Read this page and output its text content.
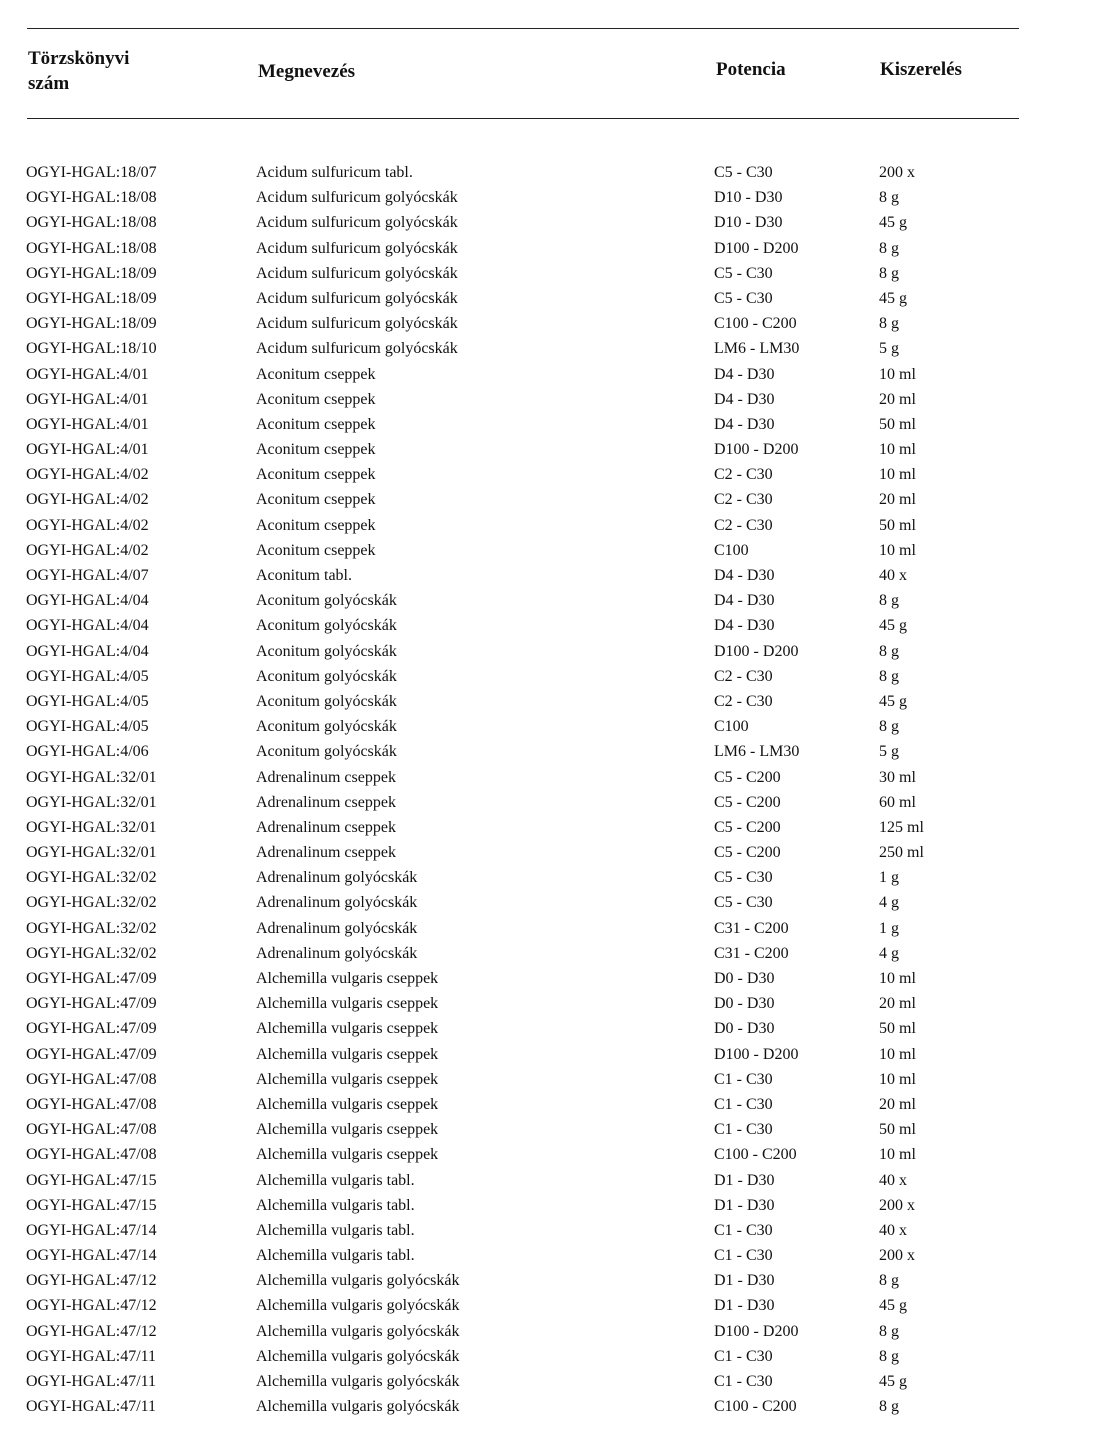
Törzskönyvi
szám
Megnevezés	Potencia	Kiszerelés
OGYI-HGAL:18/07	Acidum sulfuricum tabl.	C5 - C30	200 x
OGYI-HGAL:18/08	Acidum sulfuricum golyócskák	D10 - D30	8 g
OGYI-HGAL:18/08	Acidum sulfuricum golyócskák	D10 - D30	45 g
OGYI-HGAL:18/08	Acidum sulfuricum golyócskák	D100 - D200	8 g
OGYI-HGAL:18/09	Acidum sulfuricum golyócskák	C5 - C30	8 g
OGYI-HGAL:18/09	Acidum sulfuricum golyócskák	C5 - C30	45 g
OGYI-HGAL:18/09	Acidum sulfuricum golyócskák	C100 - C200	8 g
OGYI-HGAL:18/10	Acidum sulfuricum golyócskák	LM6 - LM30	5 g
OGYI-HGAL:4/01	Aconitum cseppek	D4 - D30	10 ml
OGYI-HGAL:4/01	Aconitum cseppek	D4 - D30	20 ml
OGYI-HGAL:4/01	Aconitum cseppek	D4 - D30	50 ml
OGYI-HGAL:4/01	Aconitum cseppek	D100 - D200	10 ml
OGYI-HGAL:4/02	Aconitum cseppek	C2 - C30	10 ml
OGYI-HGAL:4/02	Aconitum cseppek	C2 - C30	20 ml
OGYI-HGAL:4/02	Aconitum cseppek	C2 - C30	50 ml
OGYI-HGAL:4/02	Aconitum cseppek	C100	10 ml
OGYI-HGAL:4/07	Aconitum tabl.	D4 - D30	40 x
OGYI-HGAL:4/04	Aconitum golyócskák	D4 - D30	8 g
OGYI-HGAL:4/04	Aconitum golyócskák	D4 - D30	45 g
OGYI-HGAL:4/04	Aconitum golyócskák	D100 - D200	8 g
OGYI-HGAL:4/05	Aconitum golyócskák	C2 - C30	8 g
OGYI-HGAL:4/05	Aconitum golyócskák	C2 - C30	45 g
OGYI-HGAL:4/05	Aconitum golyócskák	C100	8 g
OGYI-HGAL:4/06	Aconitum golyócskák	LM6 - LM30	5 g
OGYI-HGAL:32/01	Adrenalinum cseppek	C5 - C200	30 ml
OGYI-HGAL:32/01	Adrenalinum cseppek	C5 - C200	60 ml
OGYI-HGAL:32/01	Adrenalinum cseppek	C5 - C200	125 ml
OGYI-HGAL:32/01	Adrenalinum cseppek	C5 - C200	250 ml
OGYI-HGAL:32/02	Adrenalinum golyócskák	C5 - C30	1 g
OGYI-HGAL:32/02	Adrenalinum golyócskák	C5 - C30	4 g
OGYI-HGAL:32/02	Adrenalinum golyócskák	C31 - C200	1 g
OGYI-HGAL:32/02	Adrenalinum golyócskák	C31 - C200	4 g
OGYI-HGAL:47/09	Alchemilla vulgaris cseppek	D0 - D30	10 ml
OGYI-HGAL:47/09	Alchemilla vulgaris cseppek	D0 - D30	20 ml
OGYI-HGAL:47/09	Alchemilla vulgaris cseppek	D0 - D30	50 ml
OGYI-HGAL:47/09	Alchemilla vulgaris cseppek	D100 - D200	10 ml
OGYI-HGAL:47/08	Alchemilla vulgaris cseppek	C1 - C30	10 ml
OGYI-HGAL:47/08	Alchemilla vulgaris cseppek	C1 - C30	20 ml
OGYI-HGAL:47/08	Alchemilla vulgaris cseppek	C1 - C30	50 ml
OGYI-HGAL:47/08	Alchemilla vulgaris cseppek	C100 - C200	10 ml
OGYI-HGAL:47/15	Alchemilla vulgaris tabl.	D1 - D30	40 x
OGYI-HGAL:47/15	Alchemilla vulgaris tabl.	D1 - D30	200 x
OGYI-HGAL:47/14	Alchemilla vulgaris tabl.	C1 - C30	40 x
OGYI-HGAL:47/14	Alchemilla vulgaris tabl.	C1 - C30	200 x
OGYI-HGAL:47/12	Alchemilla vulgaris golyócskák	D1 - D30	8 g
OGYI-HGAL:47/12	Alchemilla vulgaris golyócskák	D1 - D30	45 g
OGYI-HGAL:47/12	Alchemilla vulgaris golyócskák	D100 - D200	8 g
OGYI-HGAL:47/11	Alchemilla vulgaris golyócskák	C1 - C30	8 g
OGYI-HGAL:47/11	Alchemilla vulgaris golyócskák	C1 - C30	45 g
OGYI-HGAL:47/11	Alchemilla vulgaris golyócskák	C100 - C200	8 g
